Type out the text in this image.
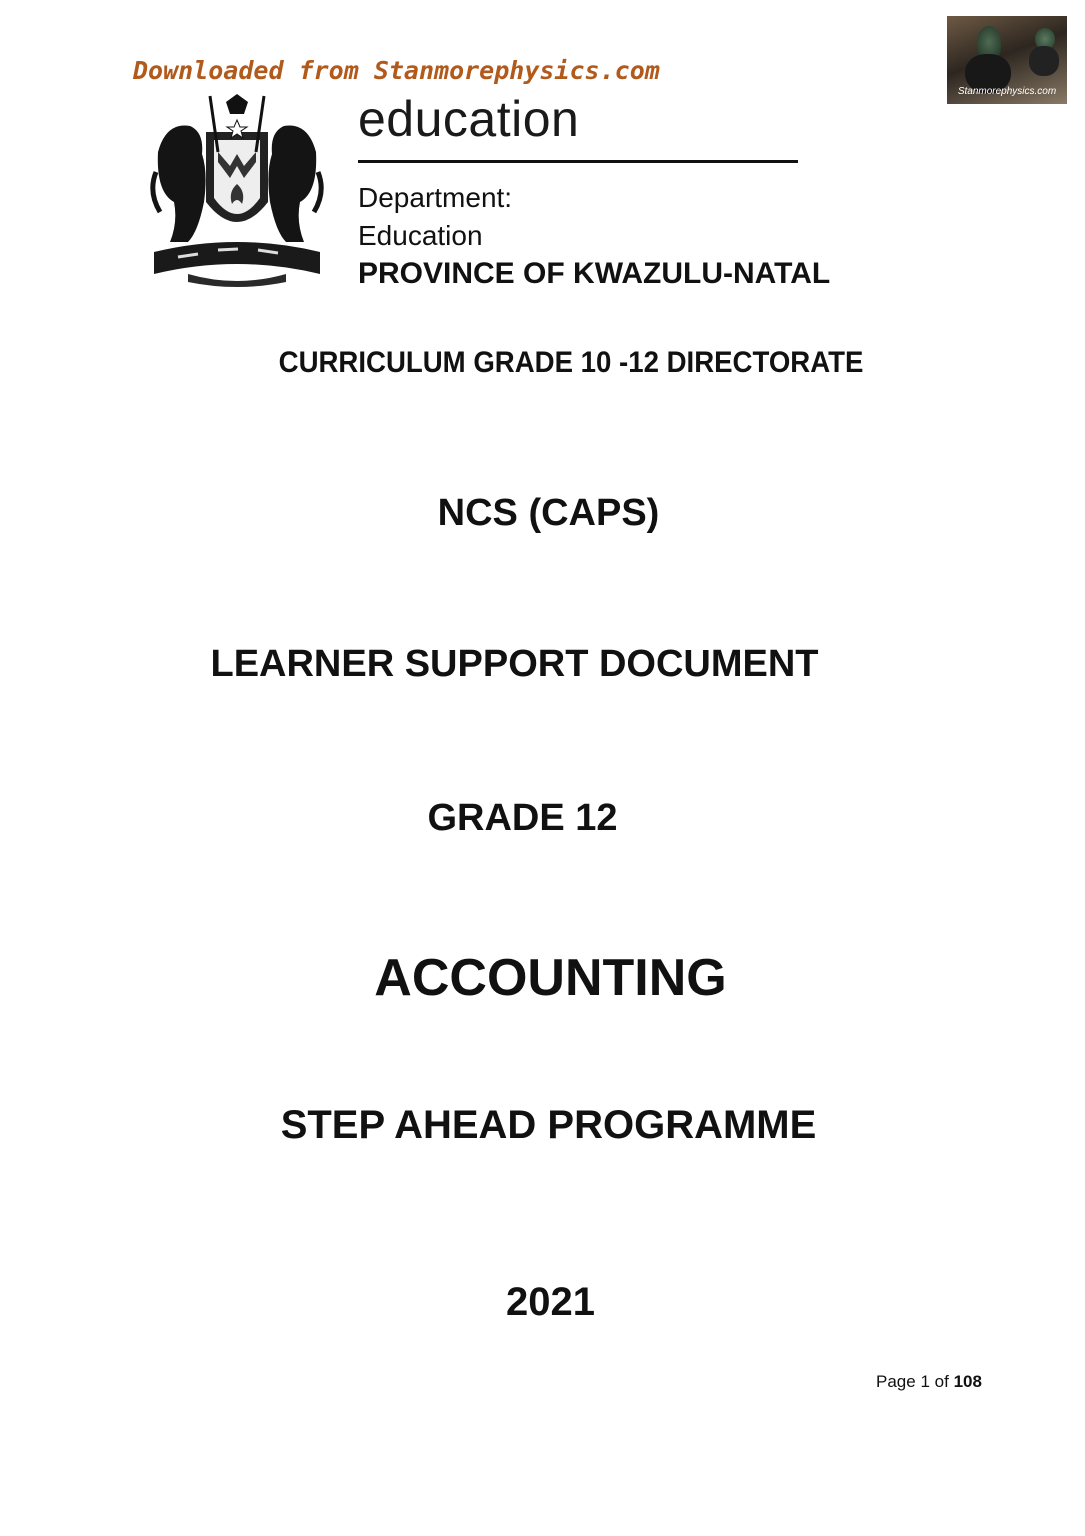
Downloaded from Stanmorephysics.com
Stanmorephysics.com
education
Department:
Education
PROVINCE OF KWAZULU-NATAL
CURRICULUM GRADE 10 -12 DIRECTORATE
NCS (CAPS)
LEARNER SUPPORT DOCUMENT
GRADE 12
ACCOUNTING
STEP AHEAD PROGRAMME
2021
Page 1 of 108
